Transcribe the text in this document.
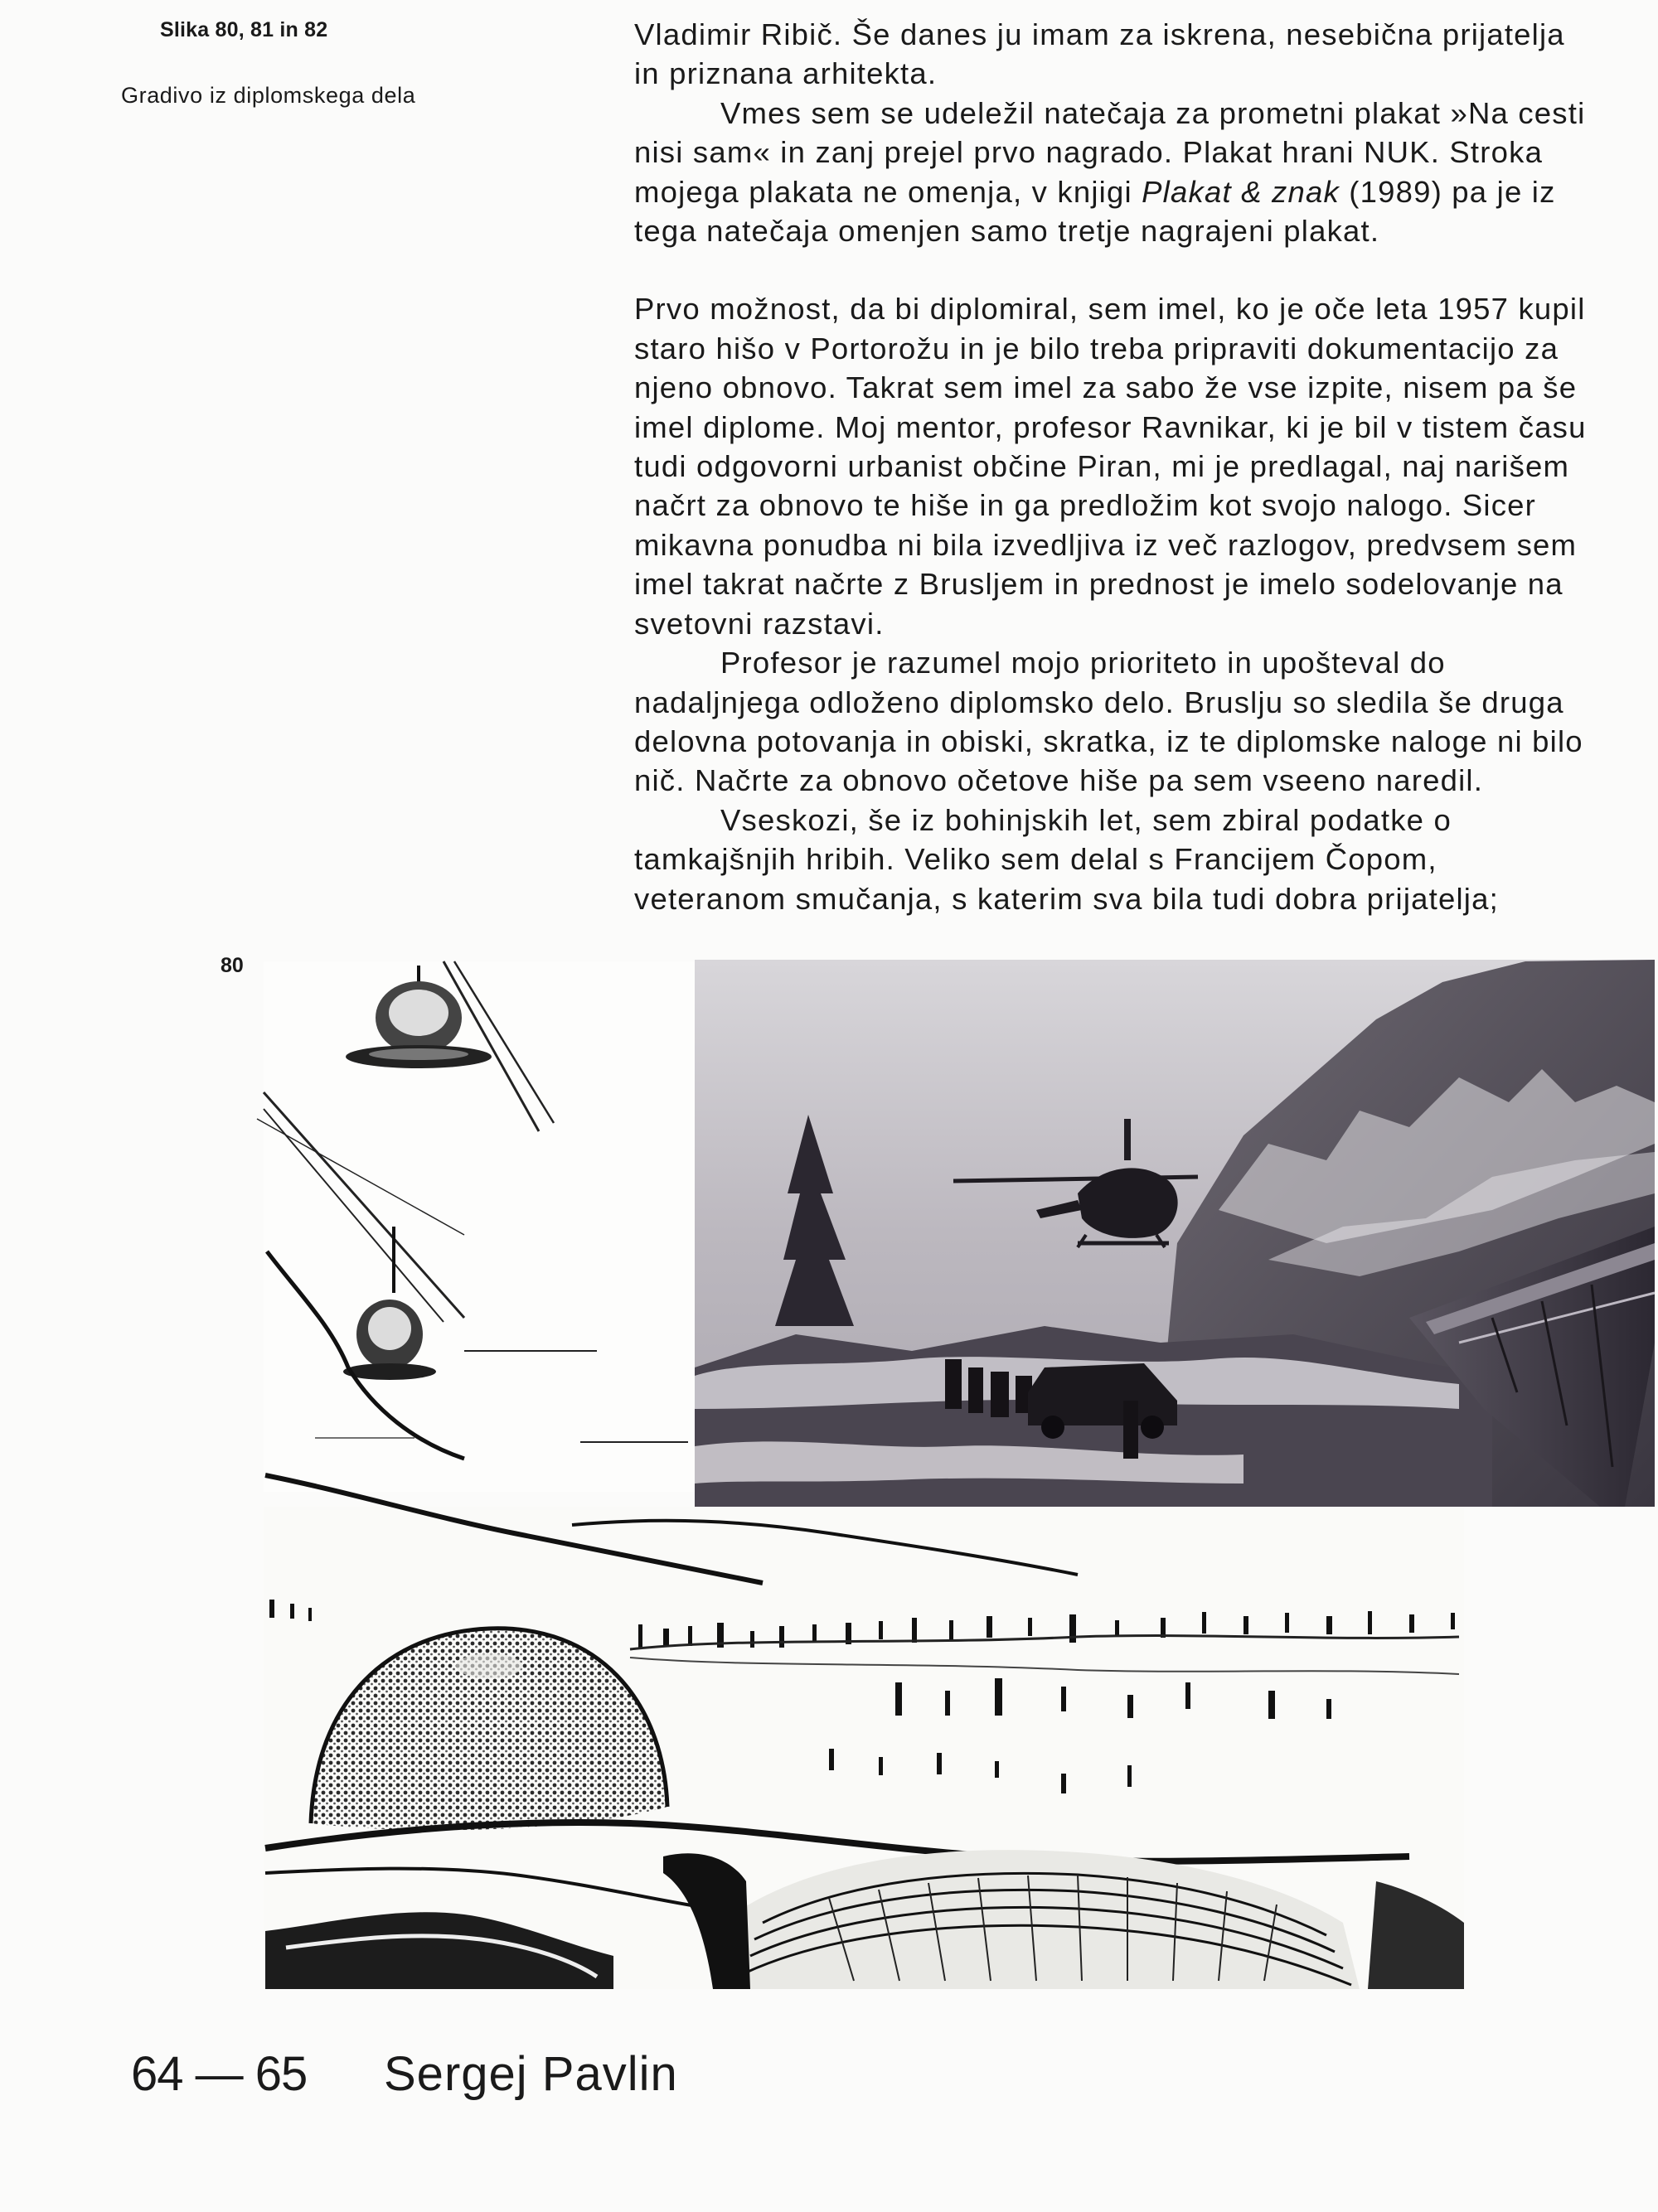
Slika 80, 81 in 82
Gradivo iz diplomskega dela

Vladimir Ribič. Še danes ju imam za iskrena, nesebična prijatelja in priznana arhitekta.

Vmes sem se udeležil natečaja za prometni plakat »Na cesti nisi sam« in zanj prejel prvo nagrado. Plakat hrani NUK. Stroka mojega plakata ne omenja, v knjigi Plakat & znak (1989) pa je iz tega natečaja omenjen samo tretje nagrajeni plakat.

Prvo možnost, da bi diplomiral, sem imel, ko je oče leta 1957 kupil staro hišo v Portorožu in je bilo treba pripraviti dokumentacijo za njeno obnovo. Takrat sem imel za sabo že vse izpite, nisem pa še imel diplome. Moj mentor, profesor Ravnikar, ki je bil v tistem času tudi odgovorni urbanist občine Piran, mi je predlagal, naj narišem načrt za obnovo te hiše in ga predložim kot svojo nalogo. Sicer mikavna ponudba ni bila izvedljiva iz več razlogov, predvsem sem imel takrat načrte z Brusljem in prednost je imelo sodelovanje na svetovni razstavi.

Profesor je razumel mojo prioriteto in upošteval do nadaljnjega odloženo diplomsko delo. Bruslju so sledila še druga delovna potovanja in obiski, skratka, iz te diplomske naloge ni bilo nič. Načrte za obnovo očetove hiše pa sem vseeno naredil.

Vseskozi, še iz bohinjskih let, sem zbiral podatke o tamkajšnjih hribih. Veliko sem delal s Francijem Čopom, veteranom smučanja, s katerim sva bila tudi dobra prijatelja;

80
64 — 65 Sergej Pavlin
